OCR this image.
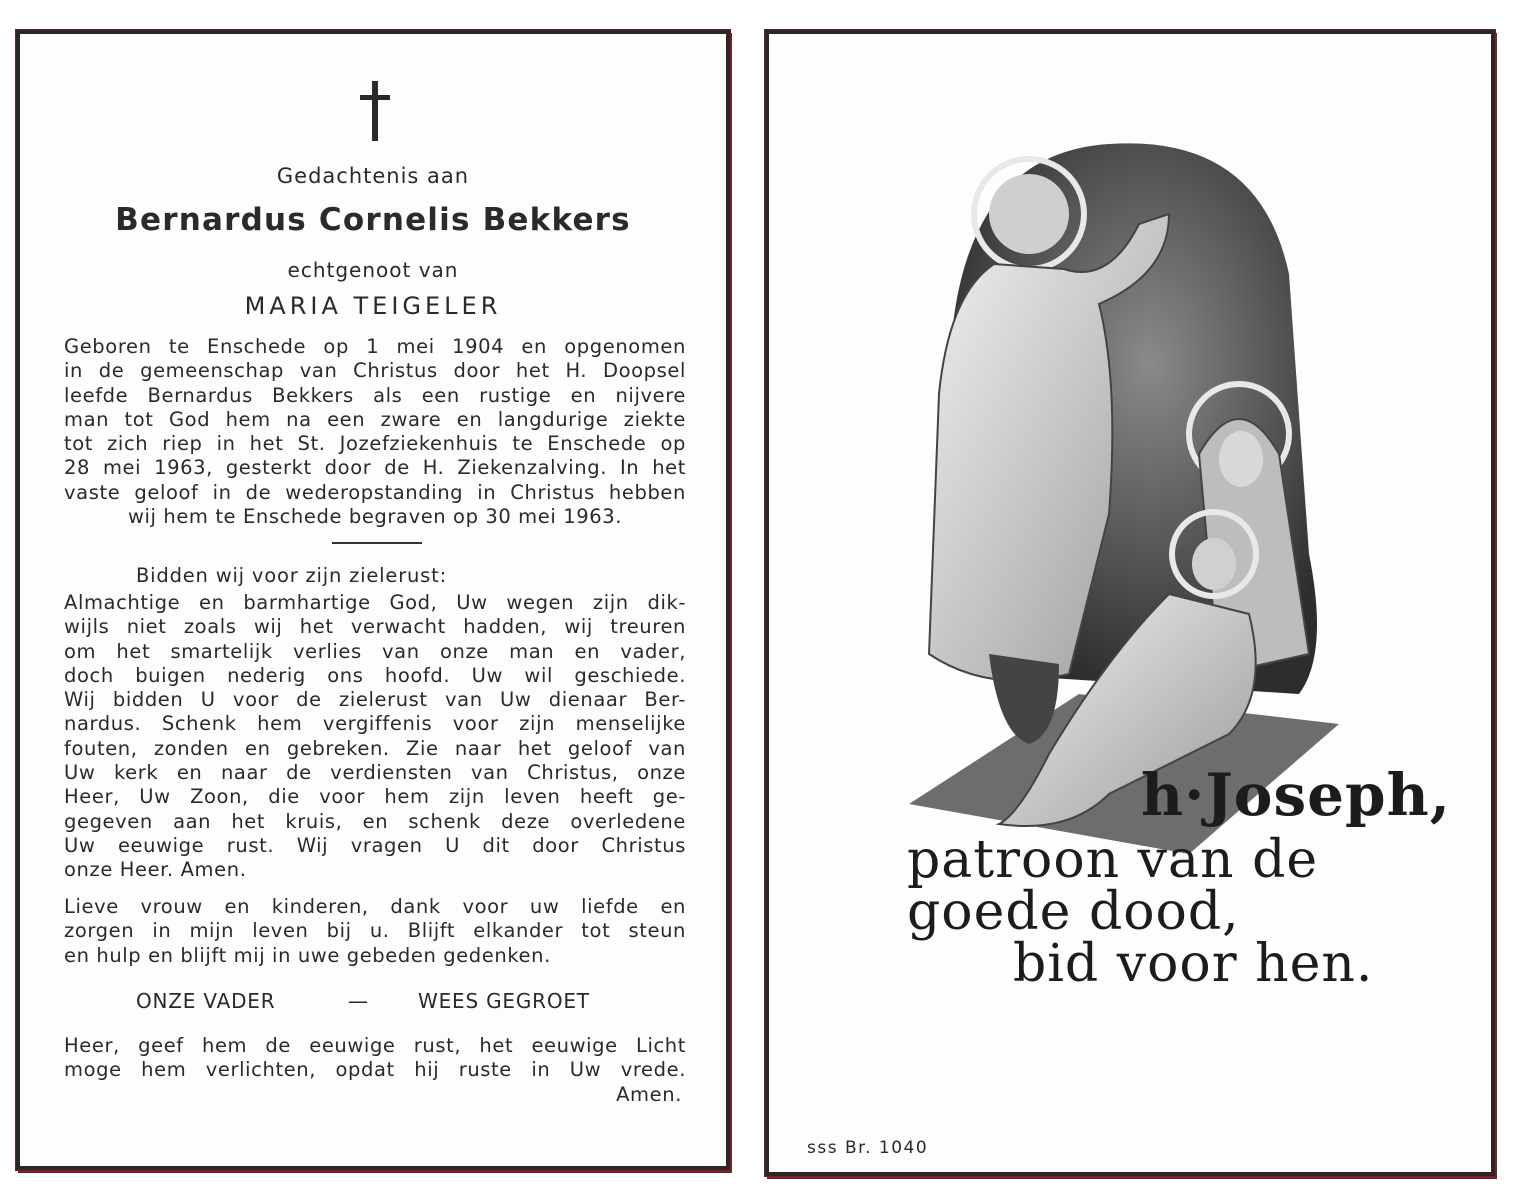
Gedachtenis aan
Bernardus Cornelis Bekkers
echtgenoot van
MARIA TEIGELER
Geboren te Enschede op 1 mei 1904 en opgenomen
in de gemeenschap van Christus door het H. Doopsel
leefde Bernardus Bekkers als een rustige en nijvere
man tot God hem na een zware en langdurige ziekte
tot zich riep in het St. Jozefziekenhuis te Enschede op
28 mei 1963, gesterkt door de H. Ziekenzalving. In het
vaste geloof in de wederopstanding in Christus hebben
wij hem te Enschede begraven op 30 mei 1963.
Bidden wij voor zijn zielerust:
Almachtige en barmhartige God, Uw wegen zijn dik-
wijls niet zoals wij het verwacht hadden, wij treuren
om het smartelijk verlies van onze man en vader,
doch buigen nederig ons hoofd. Uw wil geschiede.
Wij bidden U voor de zielerust van Uw dienaar Ber-
nardus. Schenk hem vergiffenis voor zijn menselijke
fouten, zonden en gebreken. Zie naar het geloof van
Uw kerk en naar de verdiensten van Christus, onze
Heer, Uw Zoon, die voor hem zijn leven heeft ge-
gegeven aan het kruis, en schenk deze overledene
Uw eeuwige rust. Wij vragen U dit door Christus
onze Heer. Amen.
Lieve vrouw en kinderen, dank voor uw liefde en
zorgen in mijn leven bij u. Blijft elkander tot steun
en hulp en blijft mij in uwe gebeden gedenken.
ONZE VADER	— WEES GEGROET
Heer, geef hem de eeuwige rust, het eeuwige Licht
moge hem verlichten, opdat hij ruste in Uw vrede.
Amen.
h·Joseph,
patroon van de
goede dood,
bid voor hen.
sss Br. 1040
